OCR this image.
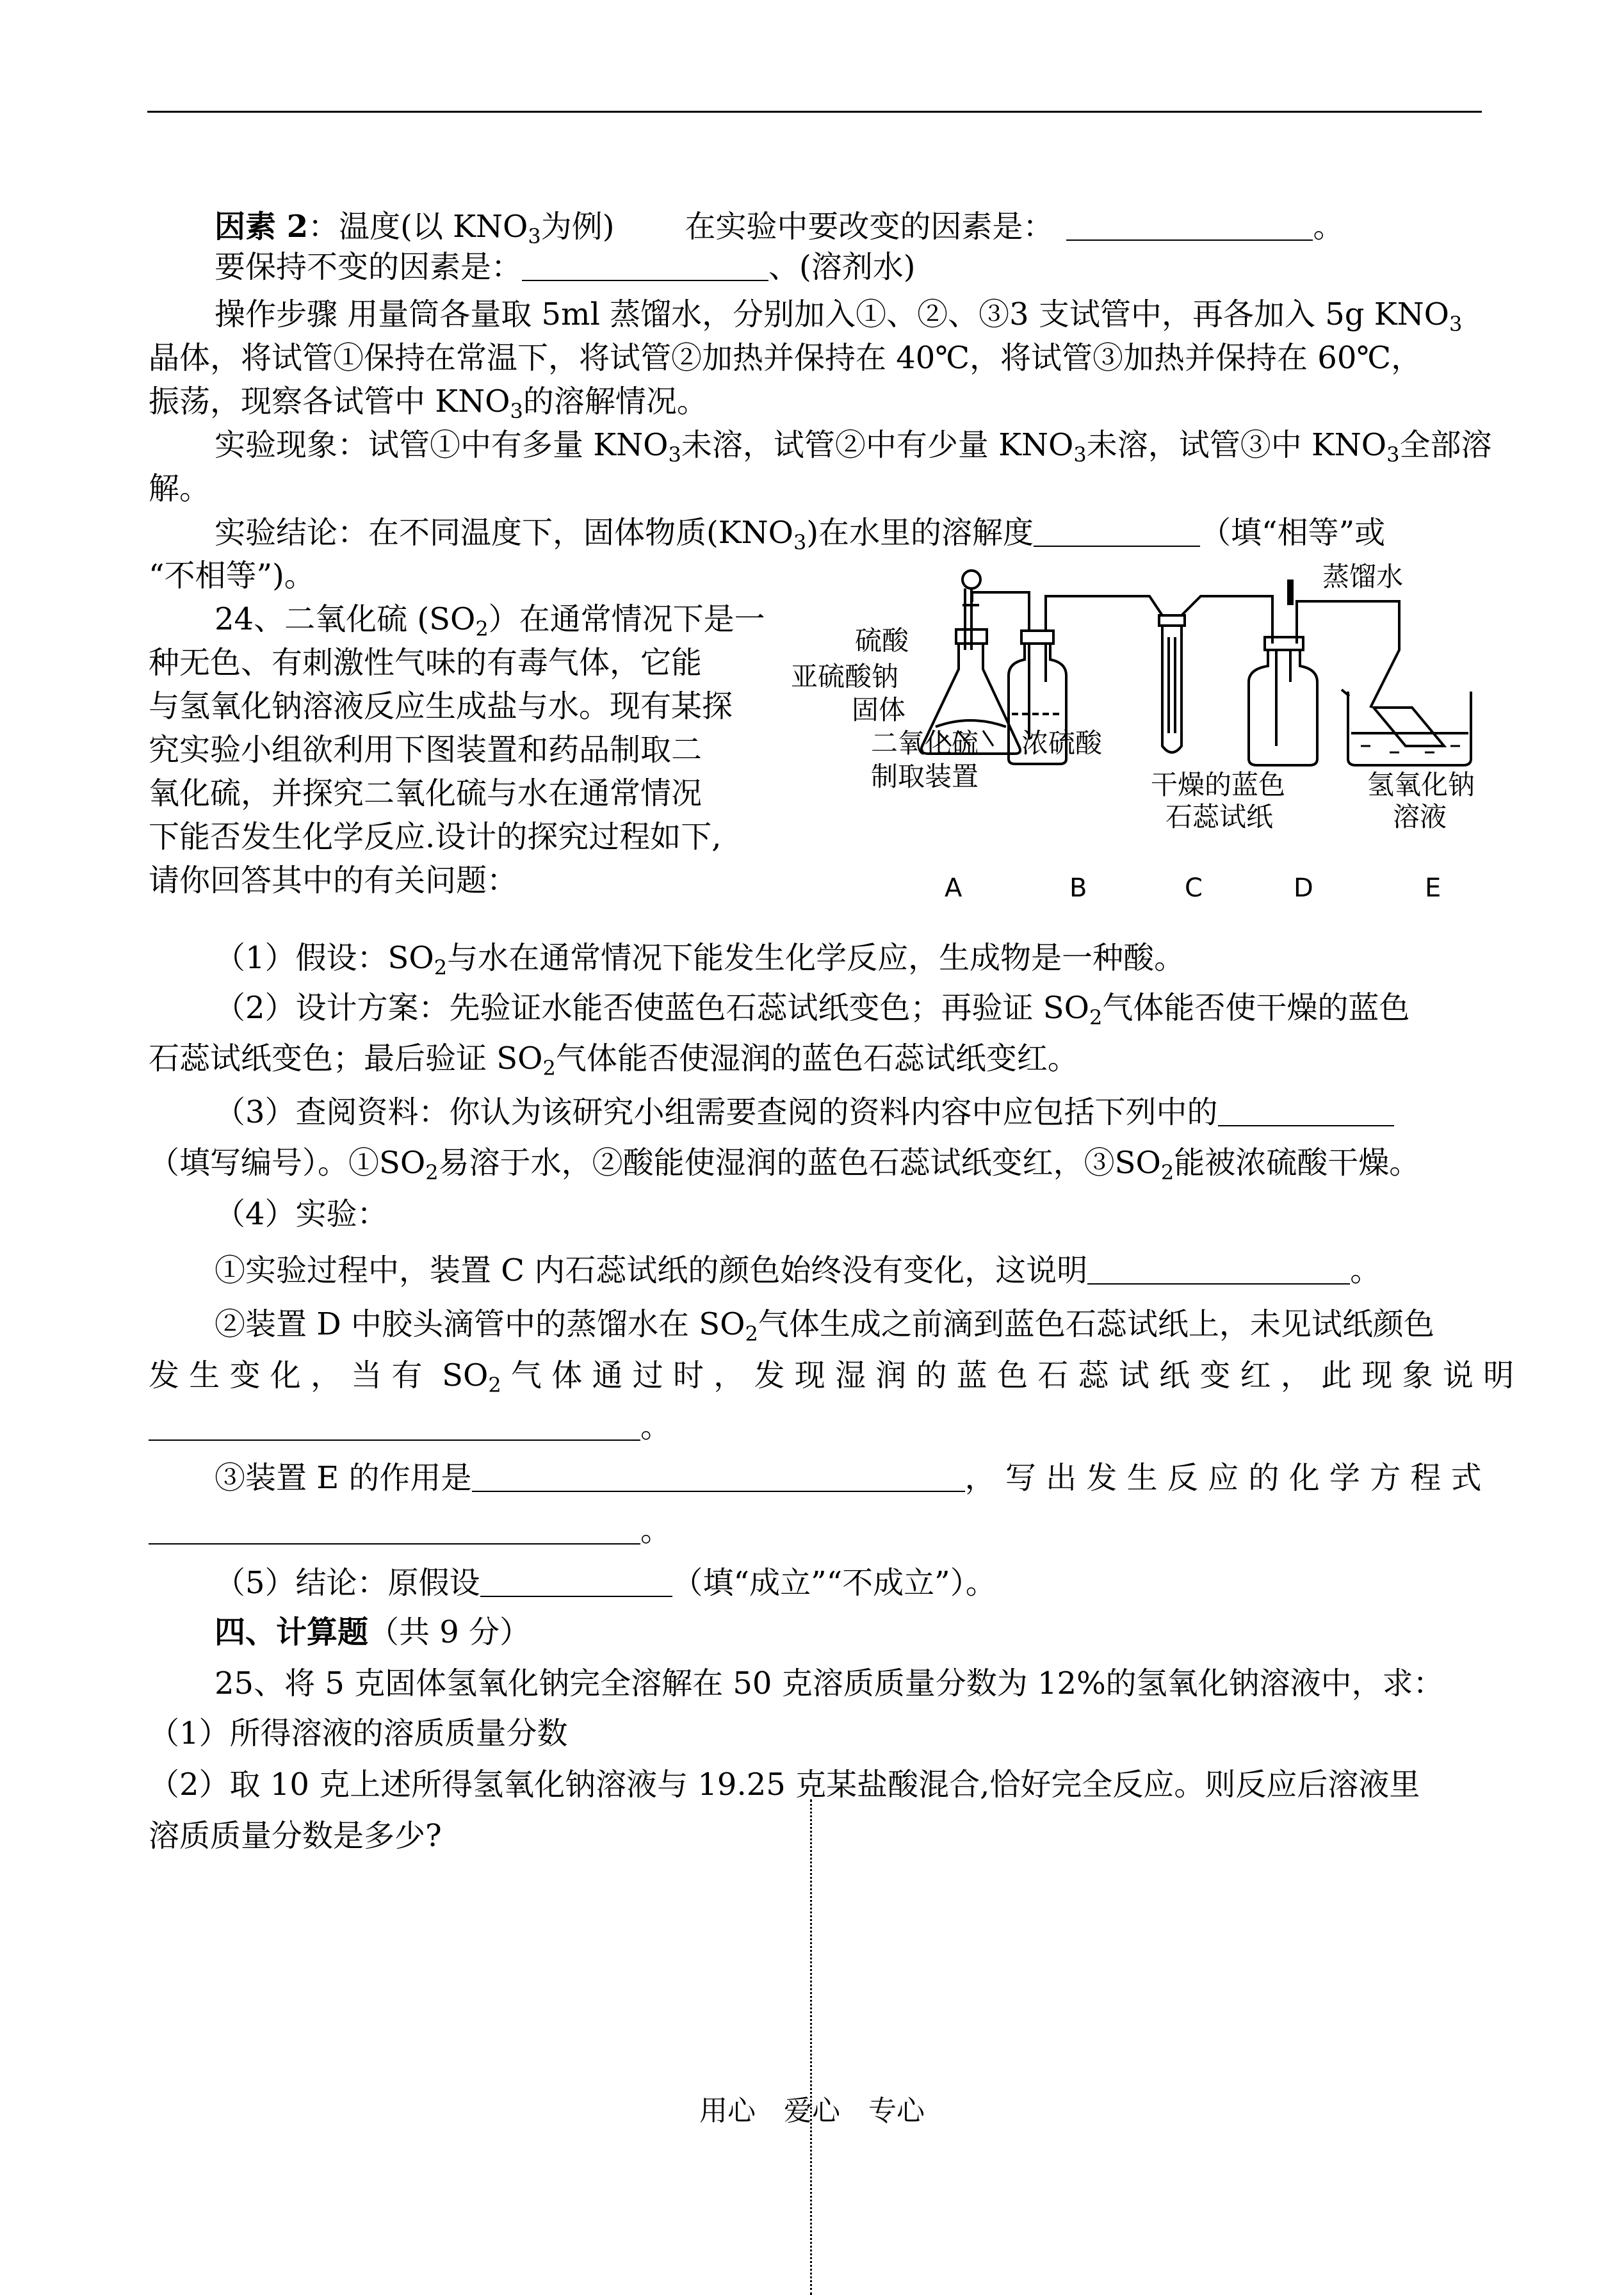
因素 2：温度(以 $KNO_3$为例) 在实验中要改变的因素是：	。
要保持不变的因素是：	、(溶剂水)
操作步骤 用量筒各量取 5ml 蒸馏水，分别加入①、②、③3 支试管中，再各加入 5g $KNO_3$
晶体，将试管①保持在常温下，将试管②加热并保持在 40℃，将试管③加热并保持在 60℃，
振荡，现察各试管中 $KNO_3$的溶解情况。
实验现象：试管①中有多量 $KNO_3$未溶，试管②中有少量 $KNO_3$未溶，试管③中 $KNO_3$全部溶
解。
实验结论：在不同温度下，固体物质$(KNO_3)$在水里的溶解度	（填“相等”或
“不相等”)。
24、二氧化硫 $(SO_2)$在通常情况下是一
种无色、有刺激性气味的有毒气体，它能
与氢氧化钠溶液反应生成盐与水。现有某探
究实验小组欲利用下图装置和药品制取二
氧化硫，并探究二氧化硫与水在通常情况
下能否发生化学反应.设计的探究过程如下,
请你回答其中的有关问题：
硫酸
亚硫酸钠
固体
二氧化硫
制取装置
浓硫酸
干燥的蓝色
石蕊试纸
蒸馏水
氢氧化钠
溶液
A	B	C	D	E
（1）假设：$SO_2$与水在通常情况下能发生化学反应，生成物是一种酸。
（2）设计方案：先验证水能否使蓝色石蕊试纸变色；再验证 $SO_2$气体能否使干燥的蓝色
石蕊试纸变色；最后验证 $SO_2$气体能否使湿润的蓝色石蕊试纸变红。
（3）查阅资料：你认为该研究小组需要查阅的资料内容中应包括下列中的
（填写编号）。$①SO_2$易溶于水，②酸能使湿润的蓝色石蕊试纸变红，$③SO_2$能被浓硫酸干燥。
（4）实验：
①实验过程中，装置 C 内石蕊试纸的颜色始终没有变化，这说明	。
②装置 D 中胶头滴管中的蒸馏水在 $SO_2$气体生成之前滴到蓝色石蕊试纸上，未见试纸颜色
发 生 变 化 ， 当 有  $SO_2$ 气 体 通 过 时 ， 发 现 湿 润 的 蓝 色 石 蕊 试 纸 变 红 ， 此 现 象 说 明
。
③装置 E 的作用是	， 写 出 发 生 反 应 的 化 学 方 程 式
。
（5）结论：原假设	（填“成立”“不成立”）。
四、计算题（共 9 分）
25、将 5 克固体氢氧化钠完全溶解在 50 克溶质质量分数为 12%的氢氧化钠溶液中，求：
（1）所得溶液的溶质质量分数
（2）取 10 克上述所得氢氧化钠溶液与 19.25 克某盐酸混合,恰好完全反应。则反应后溶液里
溶质质量分数是多少?
用心 爱心 专心
